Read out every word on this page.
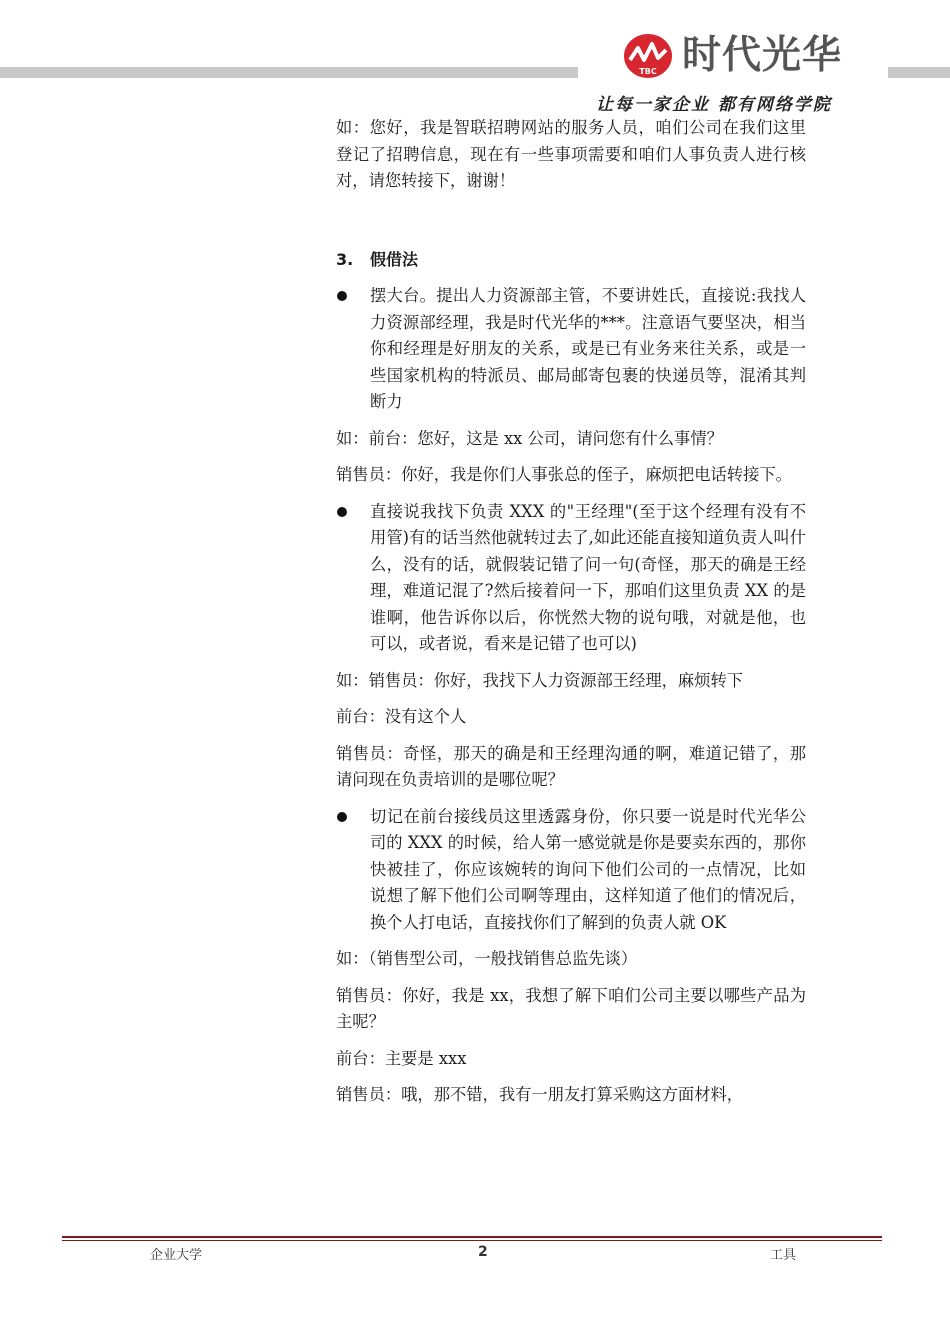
TBC 时代光华
让每一家企业 都有网络学院

如：您好，我是智联招聘网站的服务人员，咱们公司在我们这里登记了招聘信息，现在有一些事项需要和咱们人事负责人进行核对，请您转接下，谢谢！

3. 假借法

摆大台。提出人力资源部主管，不要讲姓氏，直接说:我找人力资源部经理，我是时代光华的***。注意语气要坚决，相当你和经理是好朋友的关系，或是已有业务来往关系，或是一些国家机构的特派员、邮局邮寄包裹的快递员等，混淆其判断力

如：前台：您好，这是 xx 公司，请问您有什么事情？

销售员：你好，我是你们人事张总的侄子，麻烦把电话转接下。

直接说我找下负责 XXX 的"王经理"(至于这个经理有没有不用管)有的话当然他就转过去了,如此还能直接知道负责人叫什么，没有的话，就假装记错了问一句(奇怪，那天的确是王经理，难道记混了?然后接着问一下，那咱们这里负责 XX 的是谁啊，他告诉你以后，你恍然大物的说句哦，对就是他，也可以，或者说，看来是记错了也可以)

如：销售员：你好，我找下人力资源部王经理，麻烦转下

前台：没有这个人

销售员：奇怪，那天的确是和王经理沟通的啊，难道记错了，那请问现在负责培训的是哪位呢？

切记在前台接线员这里透露身份，你只要一说是时代光华公司的 XXX 的时候，给人第一感觉就是你是要卖东西的，那你快被挂了，你应该婉转的询问下他们公司的一点情况，比如说想了解下他们公司啊等理由，这样知道了他们的情况后，换个人打电话，直接找你们了解到的负责人就 OK

如：（销售型公司，一般找销售总监先谈）

销售员：你好，我是 xx，我想了解下咱们公司主要以哪些产品为主呢？

前台：主要是 xxx

销售员：哦，那不错，我有一朋友打算采购这方面材料，

企业大学	2	工具
